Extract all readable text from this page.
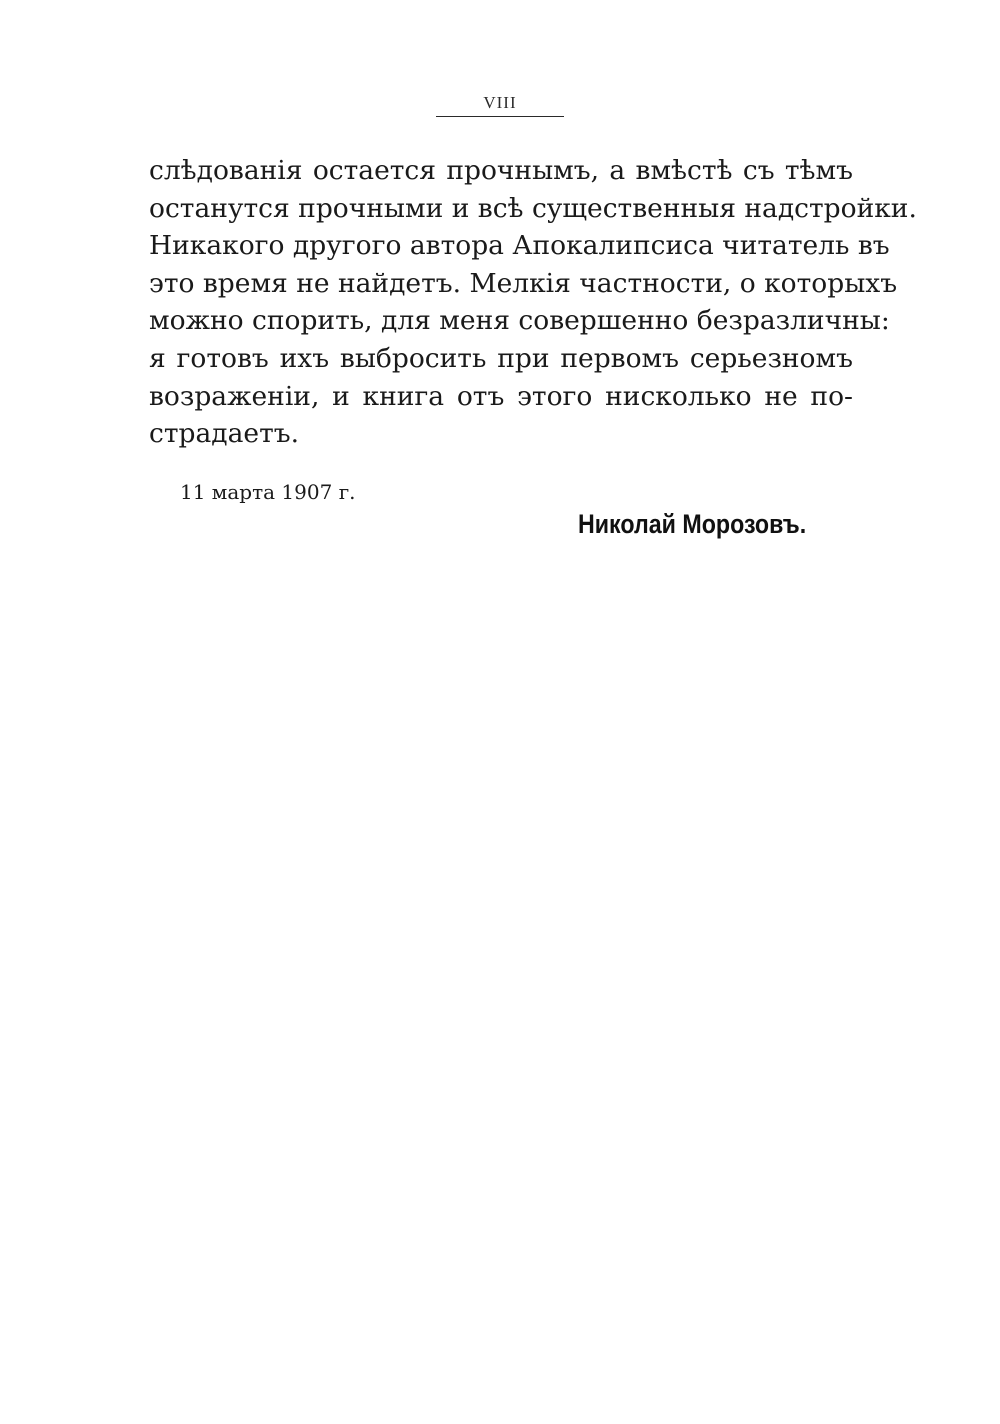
VIII
слѣдованія остается прочнымъ, а вмѣстѣ съ тѣмъ
останутся прочными и всѣ существенныя надстройки.
Никакого другого автора Апокалипсиса читатель въ
это время не найдетъ. Мелкія частности, о которыхъ
можно спорить, для меня совершенно безразличны:
я готовъ ихъ выбросить при первомъ серьезномъ
возраженіи, и книга отъ этого нисколько не по-
страдаетъ.
11 марта 1907 г.
Николай Морозовъ.
